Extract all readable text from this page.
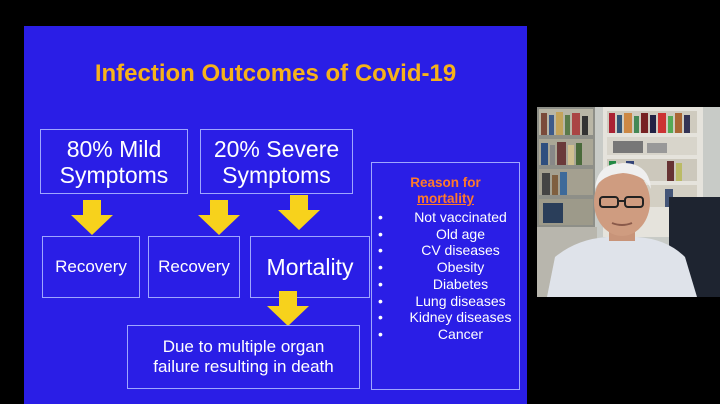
Infection Outcomes of Covid-19
80% Mild Symptoms
20% Severe Symptoms
Recovery Recovery Mortality
Due to multiple organ failure resulting in death
Reason for
mortality
• Not vaccinated
•	Old age
•	CV diseases
•	Obesity
•	Diabetes
• Lung diseases
• Kidney diseases
•	Cancer
